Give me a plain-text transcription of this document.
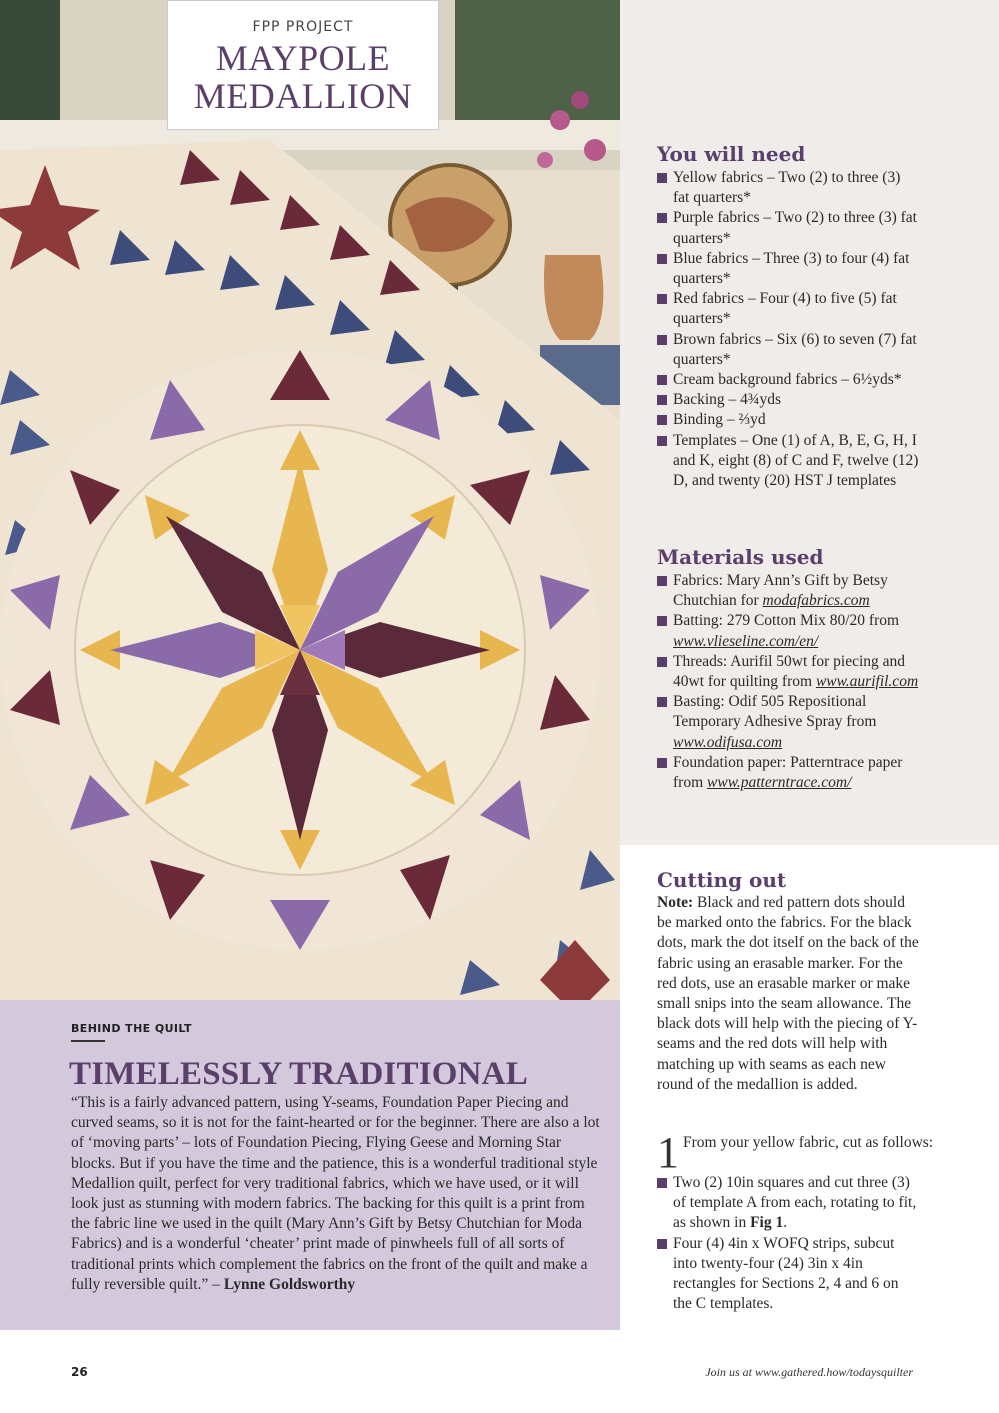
FPP PROJECT
MAYPOLE
MEDALLION
You will need
Yellow fabrics – Two (2) to three (3) fat quarters*
Purple fabrics – Two (2) to three (3) fat quarters*
Blue fabrics – Three (3) to four (4) fat quarters*
Red fabrics – Four (4) to five (5) fat quarters*
Brown fabrics – Six (6) to seven (7) fat quarters*
Cream background fabrics – 6½yds*
Backing – 4¾yds
Binding – ⅔yd
Templates – One (1) of A, B, E, G, H, I and K, eight (8) of C and F, twelve (12) D, and twenty (20) HST J templates
Materials used
Fabrics: Mary Ann’s Gift by Betsy Chutchian for modafabrics.com
Batting: 279 Cotton Mix 80/20 from www.vlieseline.com/en/
Threads: Aurifil 50wt for piecing and 40wt for quilting from www.aurifil.com
Basting: Odif 505 Repositional Temporary Adhesive Spray from www.odifusa.com
Foundation paper: Patterntrace paper from www.patterntrace.com/
Cutting out

Note: Black and red pattern dots should be marked onto the fabrics. For the black dots, mark the dot itself on the back of the fabric using an erasable marker. For the red dots, use an erasable marker or make small snips into the seam allowance. The black dots will help with the piecing of Y-seams and the red dots will help with matching up with seams as each new round of the medallion is added.

1 From your yellow fabric, cut as follows:
Two (2) 10in squares and cut three (3) of template A from each, rotating to fit, as shown in Fig 1.
Four (4) 4in x WOFQ strips, subcut into twenty-four (24) 3in x 4in rectangles for Sections 2, 4 and 6 on the C templates.
BEHIND THE QUILT
TIMELESSLY TRADITIONAL

“This is a fairly advanced pattern, using Y-seams, Foundation Paper Piecing and curved seams, so it is not for the faint-hearted or for the beginner. There are also a lot of ‘moving parts’ – lots of Foundation Piecing, Flying Geese and Morning Star blocks. But if you have the time and the patience, this is a wonderful traditional style Medallion quilt, perfect for very traditional fabrics, which we have used, or it will look just as stunning with modern fabrics. The backing for this quilt is a print from the fabric line we used in the quilt (Mary Ann’s Gift by Betsy Chutchian for Moda Fabrics) and is a wonderful ‘cheater’ print made of pinwheels full of all sorts of traditional prints which complement the fabrics on the front of the quilt and make a fully reversible quilt.” – Lynne Goldsworthy

26	Join us at www.gathered.how/todaysquilter
